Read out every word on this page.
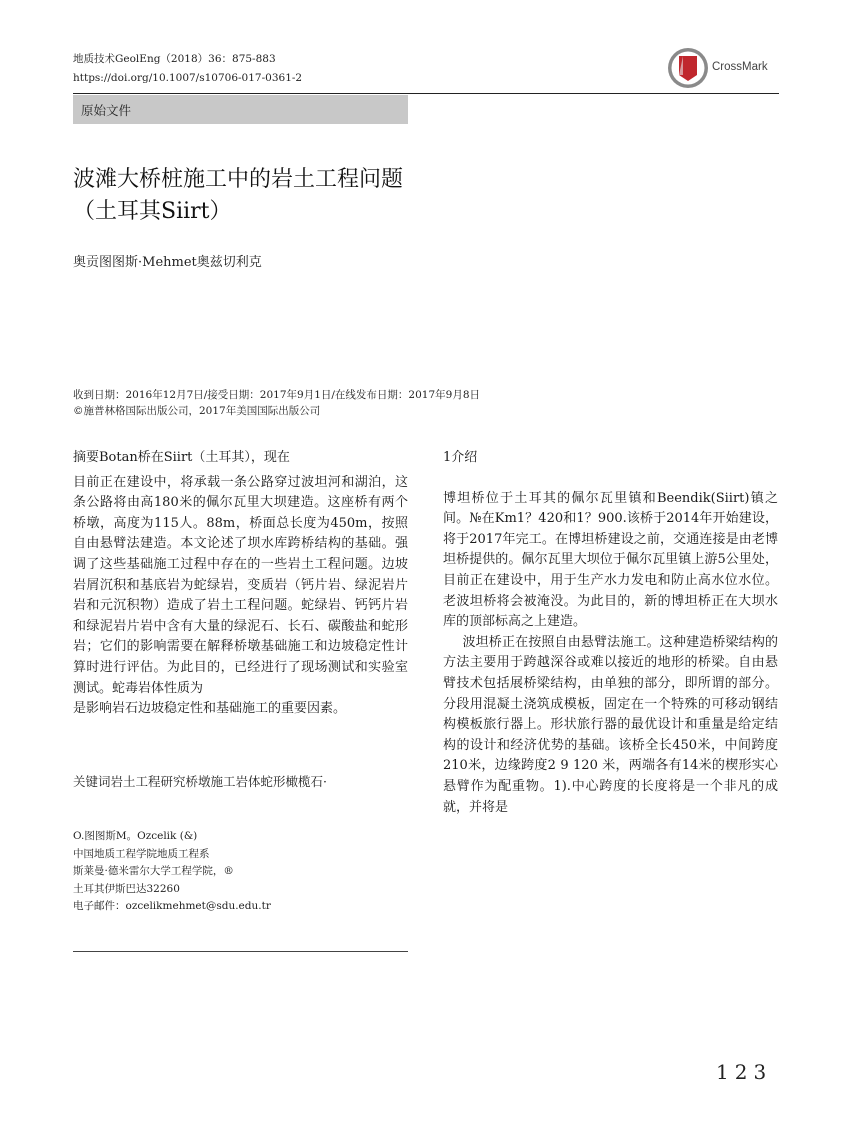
地质技术GeolEng（2018）36：875-883
https://doi.org/10.1007/s10706-017-0361-2
CrossMark
原始文件
波滩大桥桩施工中的岩土工程问题
（土耳其Siirt）
奥贡图图斯·Mehmet奥兹切利克
收到日期：2016年12月7日/接受日期：2017年9月1日/在线发布日期：2017年9月8日
©施普林格国际出版公司，2017年美国国际出版公司

摘要Botan桥在Siirt（土耳其），现在

目前正在建设中，将承载一条公路穿过波坦河和湖泊，这条公路将由高180米的佩尔瓦里大坝建造。这座桥有两个桥墩，高度为115人。88m，桥面总长度为450m，按照自由悬臂法建造。本文论述了坝水库跨桥结构的基础。强调了这些基础施工过程中存在的一些岩土工程问题。边坡岩屑沉积和基底岩为蛇绿岩，变质岩（钙片岩、绿泥岩片岩和元沉积物）造成了岩土工程问题。蛇绿岩、钙钙片岩和绿泥岩片岩中含有大量的绿泥石、长石、碳酸盐和蛇形岩；它们的影响需要在解释桥墩基础施工和边坡稳定性计算时进行评估。为此目的，已经进行了现场测试和实验室测试。蛇毒岩体性质为

是影响岩石边坡稳定性和基础施工的重要因素。

关键词岩土工程研究桥墩施工岩体蛇形橄榄石·
O.图图斯M。Ozcelik (&)
中国地质工程学院地质工程系
斯莱曼·德米雷尔大学工程学院，®
土耳其伊斯巴达32260
电子邮件：ozcelikmehmet@sdu.edu.tr

1介绍

博坦桥位于土耳其的佩尔瓦里镇和Beendik(Siirt)镇之间。№在Km1？420和1？900.该桥于2014年开始建设，将于2017年完工。在博坦桥建设之前，交通连接是由老博坦桥提供的。佩尔瓦里大坝位于佩尔瓦里镇上游5公里处，目前正在建设中，用于生产水力发电和防止高水位水位。老波坦桥将会被淹没。为此目的，新的博坦桥正在大坝水库的顶部标高之上建造。

波坦桥正在按照自由悬臂法施工。这种建造桥梁结构的方法主要用于跨越深谷或难以接近的地形的桥梁。自由悬臂技术包括展桥梁结构，由单独的部分，即所谓的部分。分段用混凝土浇筑成模板，固定在一个特殊的可移动钢结构模板旅行器上。形状旅行器的最优设计和重量是给定结构的设计和经济优势的基础。该桥全长450米，中间跨度210米，边缘跨度2 9 120 米，两端各有14米的楔形实心悬臂作为配重物。1).中心跨度的长度将是一个非凡的成就，并将是

123
